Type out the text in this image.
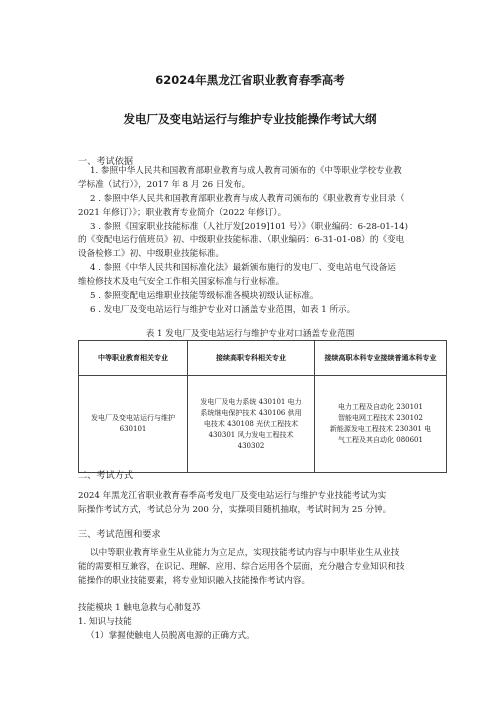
62024年黑龙江省职业教育春季高考
发电厂及变电站运行与维护专业技能操作考试大纲
一、考试依据
1. 参照中华人民共和国教育部职业教育与成人教育司颁布的《中等职业学校专业教
学标准（试行）》，2017 年 8 月 26 日发布。
2 . 参照中华人民共和国教育部职业教育与成人教育司颁布的《职业教育专业目录（
2021 年修订）》；职业教育专业简介（2022 年修订）。
3 . 参照《国家职业技能标准（人社厅发[2019]101 号）》（职业编码：6-28-01-14)
的《变配电运行值班员》初、中级职业技能标准、（职业编码：6-31-01-08）的《变电
设备检修工》初、中级职业技能标准。
4 . 参照《中华人民共和国标准化法》最新颁布施行的发电厂、变电站电气设备运
维检修技术及电气安全工作相关国家标准与行业标准。
5 . 参照变配电运维职业技能等级标准各模块初级认证标准。
6 . 发电厂及变电站运行与维护专业对口涵盖专业范围，如表 1 所示。
表 1 发电厂及变电站运行与维护专业对口涵盖专业范围
中等职业教育相关专业	接续高职专科相关专业	接续高职本科专业接续普通本科专业

发电厂及变电站运行与维护
630101	发电厂及电力系统 430101 电力
系统继电保护技术 430106 供用
电技术 430108 光伏工程技术
430301 风力发电工程技术
430302	电力工程及自动化 230101
智能电网工程技术 230102
新能源发电工程技术 230301 电
气工程及其自动化 080601
二、考试方式
2024 年黑龙江省职业教育春季高考发电厂及变电站运行与维护专业技能考试为实
际操作考试方式，考试总分为 200 分，实操项目随机抽取，考试时间为 25 分钟。
三、考试范围和要求
以中等职业教育毕业生从业能力为立足点，实现技能考试内容与中职毕业生从业技
能的需要相互兼容，在识记、理解、应用、综合运用各个层面，充分融合专业知识和技
能操作的职业技能要素，将专业知识融入技能操作考试内容。
技能模块 1 触电急救与心肺复苏
1. 知识与技能
（1）掌握使触电人员脱离电源的正确方式。
